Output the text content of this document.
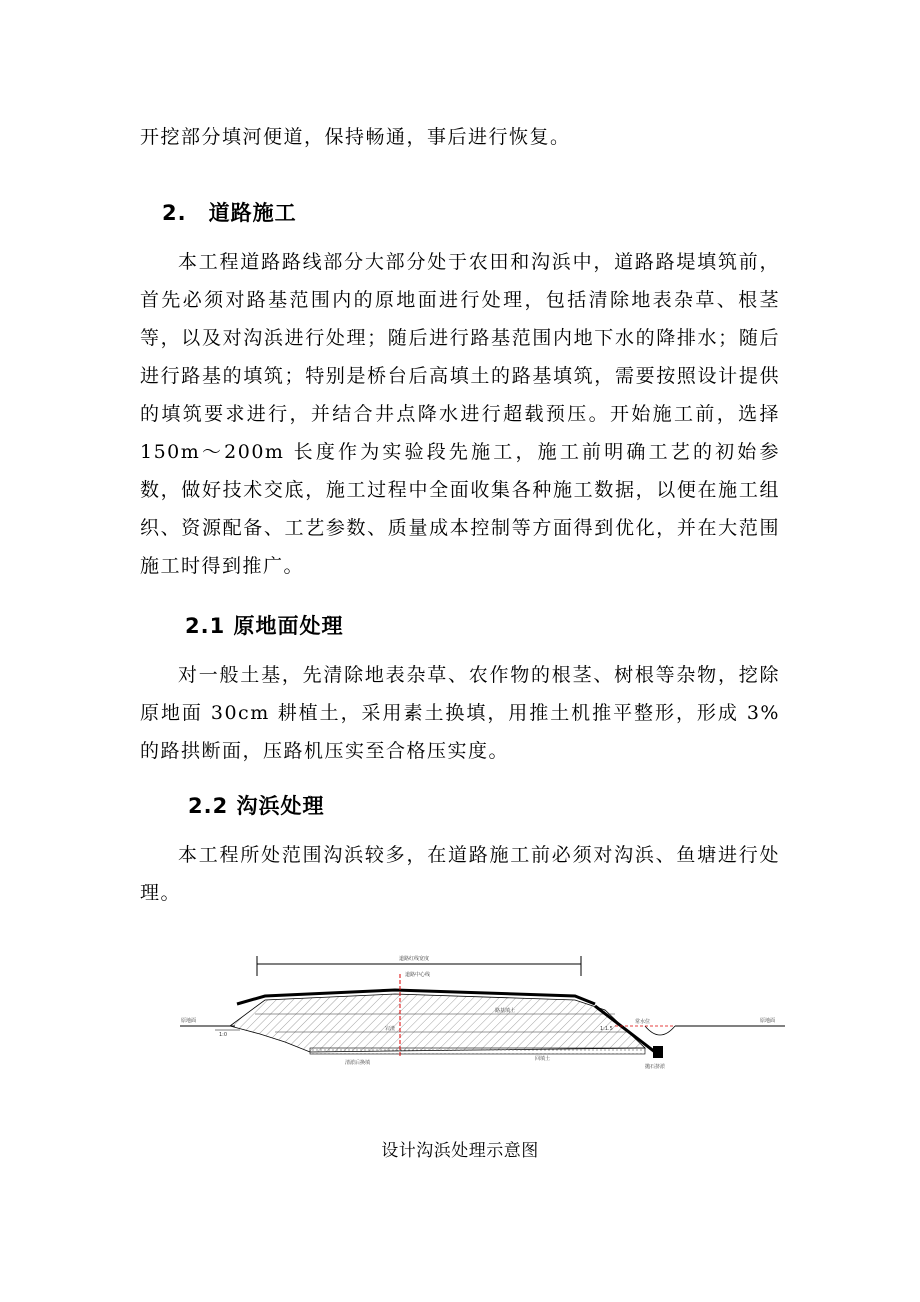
开挖部分填河便道，保持畅通，事后进行恢复。

2.　道路施工

本工程道路路线部分大部分处于农田和沟浜中，道路路堤填筑前，首先必须对路基范围内的原地面进行处理，包括清除地表杂草、根茎等，以及对沟浜进行处理；随后进行路基范围内地下水的降排水；随后进行路基的填筑；特别是桥台后高填土的路基填筑，需要按照设计提供的填筑要求进行，并结合井点降水进行超载预压。开始施工前，选择 150m～200m 长度作为实验段先施工，施工前明确工艺的初始参数，做好技术交底，施工过程中全面收集各种施工数据，以便在施工组织、资源配备、工艺参数、质量成本控制等方面得到优化，并在大范围施工时得到推广。

2.1 原地面处理

对一般土基，先清除地表杂草、农作物的根茎、树根等杂物，挖除原地面 30cm 耕植土，采用素土换填，用推土机推平整形，形成 3%的路拱断面，压路机压实至合格压实度。

2.2 沟浜处理

本工程所处范围沟浜较多，在道路施工前必须对沟浜、鱼塘进行处理。

道路红线宽度
原地面	原地面
路基填土
宕渣
清淤后换填
回填土
道路中心线
1:1.5
常水位
抛石挤淤
1:0
设计沟浜处理示意图
